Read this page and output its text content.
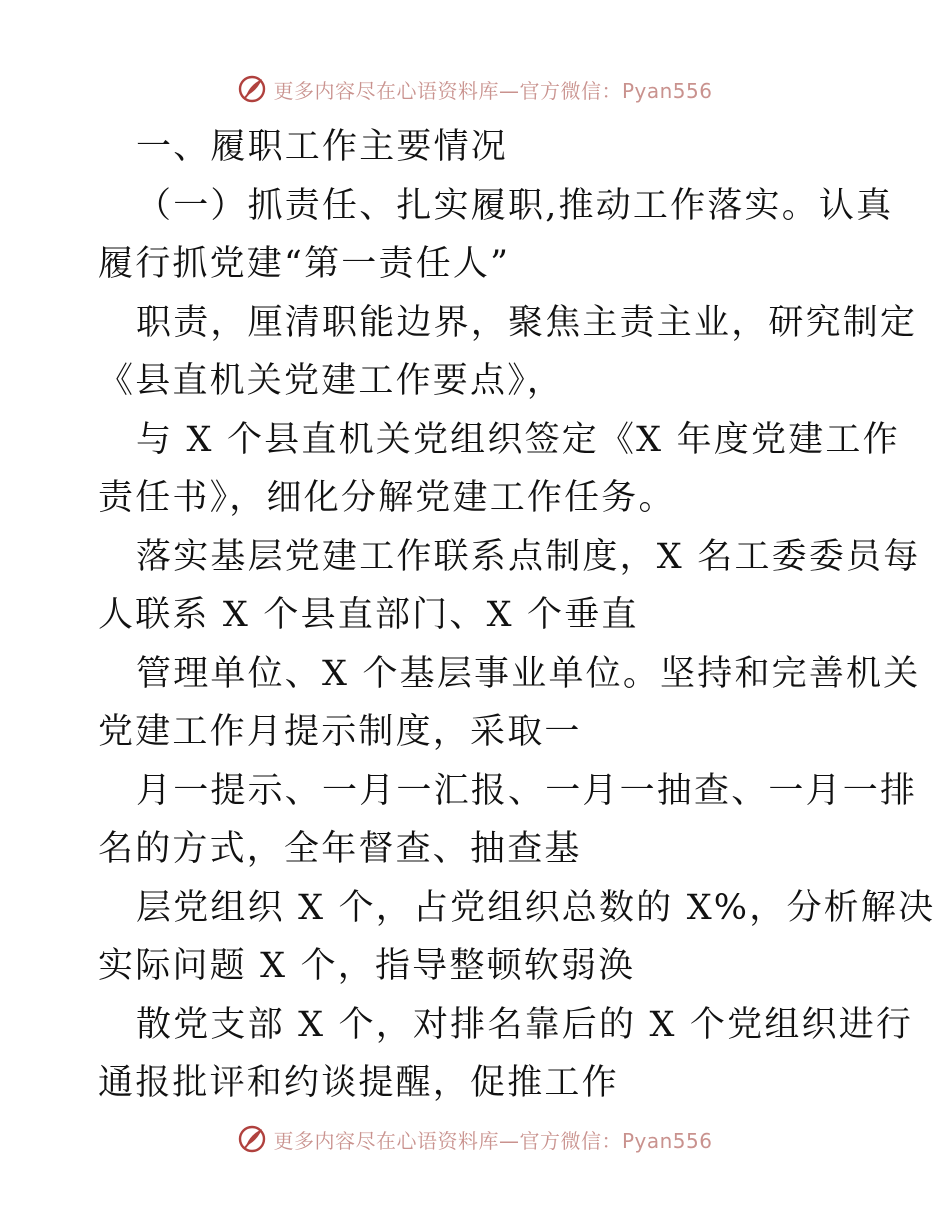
更多内容尽在心语资料库—官方微信：Pyan556
一、履职工作主要情况
（一）抓责任、扎实履职,推动工作落实。认真
履行抓党建“第一责任人”
职责，厘清职能边界，聚焦主责主业，研究制定
《县直机关党建工作要点》，
与 X 个县直机关党组织签定《X 年度党建工作
责任书》，细化分解党建工作任务。
落实基层党建工作联系点制度，X 名工委委员每
人联系 X 个县直部门、X 个垂直
管理单位、X 个基层事业单位。坚持和完善机关
党建工作月提示制度，采取一
月一提示、一月一汇报、一月一抽查、一月一排
名的方式，全年督查、抽查基
层党组织 X 个，占党组织总数的 X%，分析解决
实际问题 X 个，指导整顿软弱涣
散党支部 X 个，对排名靠后的 X 个党组织进行
通报批评和约谈提醒，促推工作
更多内容尽在心语资料库—官方微信：Pyan556
